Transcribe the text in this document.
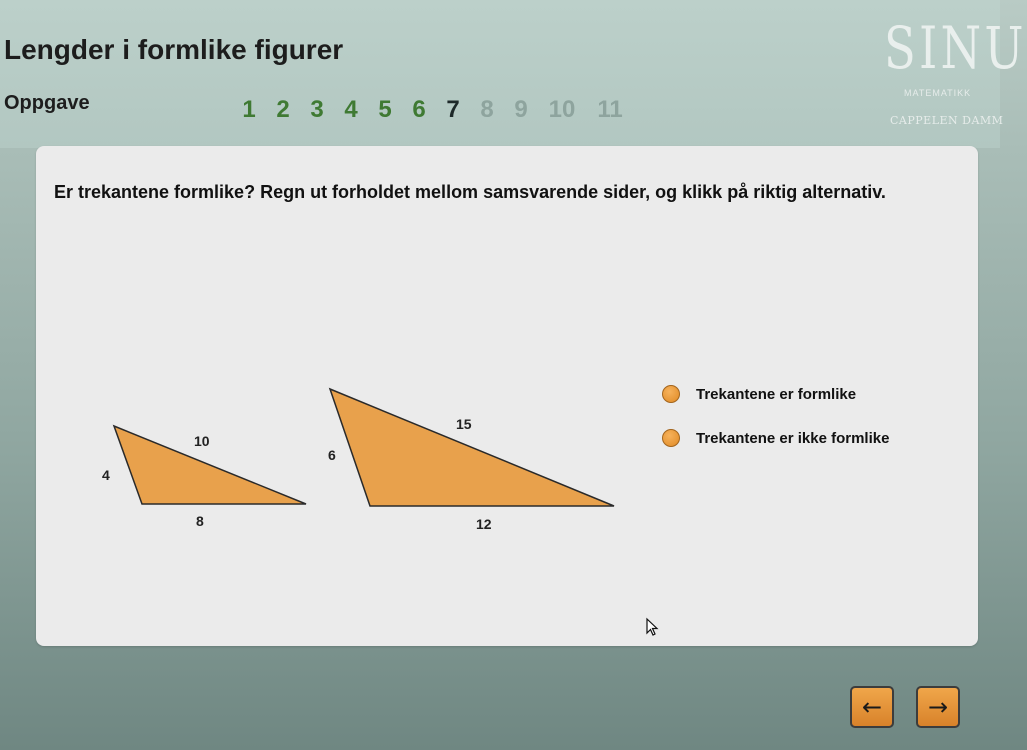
Lengder i formlike figurer
Oppgave	1 2 3 4 5 6 7 8 9 10 11
SINU
MATEMATIKK
CAPPELEN DAMM
Er trekantene formlike? Regn ut forholdet mellom samsvarende sider, og klikk på riktig alternativ.
4
8
10
6
12
15
Trekantene er formlike
Trekantene er ikke formlike
← →
